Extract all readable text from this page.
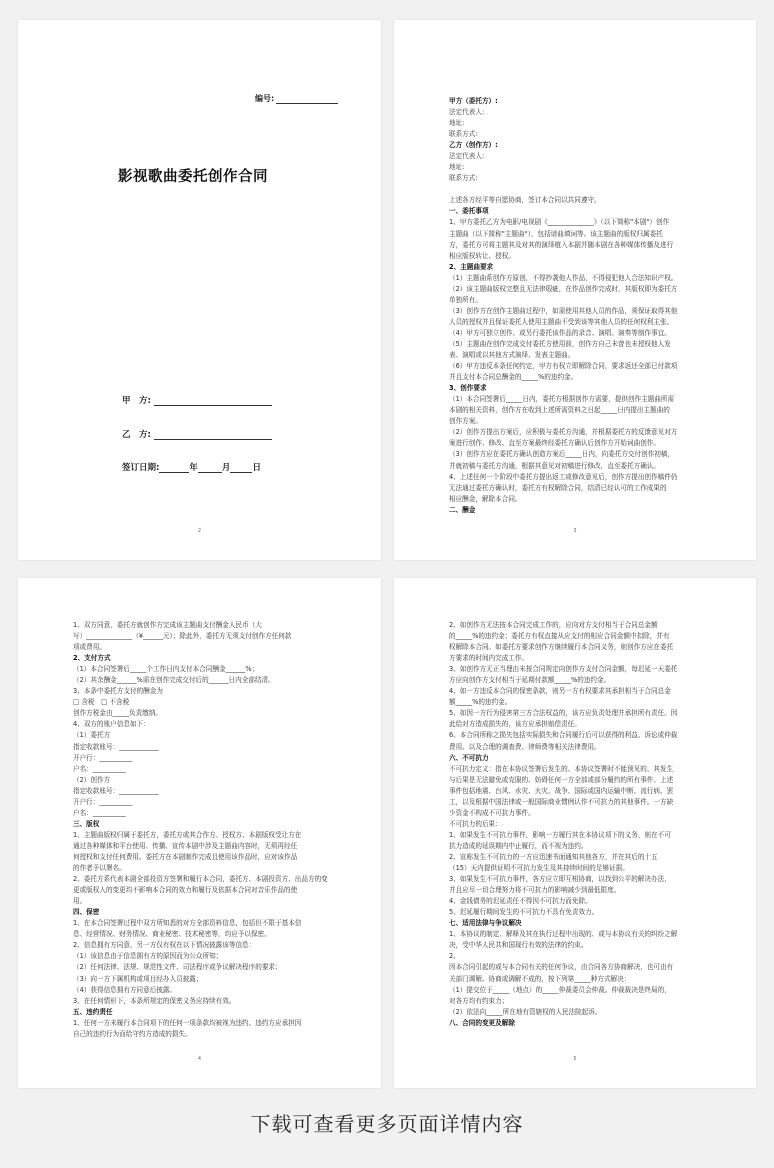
编号:
影视歌曲委托创作合同
甲　方:
乙　方:
签订日期:	年	月	日
2
甲方（委托方）:
法定代表人:
地址:
联系方式:
乙方（创作方）:
法定代表人:
地址:
联系方式:
上述各方经平等自愿协商，签订本合同以共同遵守。
一、委托事项
1、甲方委托乙方为电影/电视剧《______________》（以下简称"本剧"）创作
主题曲（以下简称"主题曲"），包括谱曲填词等。该主题曲的版权归属委托
方，委托方可将主题其及对其的演绎植入本剧并随本剧在各种媒体传播及进行
相应版权转让、授权。
2、主题曲要求
（1）主题曲系创作方原创，不得抄袭他人作品，不得侵犯他人合法知识产权。
（2）该主题曲版权完整且无法律瑕疵，在作品创作完成时，其版权即为委托方
单独所有。
（3）创作方在创作主题曲过程中，如需使用其他人员的作品，须保证取得其他
人员的授权并且保证委托人使用主题曲不受到该等其他人员的任何权利主张。
（4）甲方可独立创作、或另行委托该作品的录音、演唱、演奏等制作事宜。
（5）主题曲在创作完成交付委托方使用前，创作方自己未曾也未授权他人发
表、演唱或以其他方式演绎、发表主题曲。
（6）甲方违反本条任何约定，甲方有权立即解除合同，要求返还全部已付款项
并且支付本合同总酬金的_____%的违约金。
3、创作要求
（1）本合同签署后_____日内，委托方根据创作方需要，提供创作主题曲所需
本剧的相关资料，创作方在收到上述所需资料之日起_____日内提出主题曲的
创作方案。
（2）创作方提出方案后，应积极与委托方沟通，并根据委托方的反馈意见对方
案进行创作、修改、直至方案最终经委托方确认后创作方开始词曲创作。
（3）创作方应在委托方确认创造方案后_____日内，向委托方交付创作初稿，
并就初稿与委托方沟通，根据其意见对初稿进行修改，直至委托方确认。
4、上述任何一个阶段中委托方提出返工或修改意见后，创作方提出创作稿件仍
无法通过委托方确认时，委托方有权解除合同，结清已经认可的工作成果的
相应酬金，解除本合同。
二、酬金
3
1、双方同意，委托方就创作方完成该主题曲支付酬金人民币（大
写）______________（¥______元）；除此外，委托方无须支付创作方任何款
项或费用。
2、支付方式
（1）本合同签署后_____个工作日内支付本合同酬金______%；
（2）其余酬金______%需在创作完成交付后的______日内全部结清。
3、本条中委托方支付的酬金为
□ 含税　□ 不含税
创作方税金由_____负责缴纳。
4、双方的账户信息如下：
（1）委托方
指定收款账号：____________
开户行：__________
户名：__________
（2）创作方
指定收款账号：____________
开户行：__________
户名：__________
三、版权
1、主题曲版权归属于委托方，委托方或其合作方、授权方、本剧版权受让方在
通过各种媒体和平台使用、传播、宣传本剧中涉及主题曲内容时，无须再经任
何授权和支付任何费用。委托方在本剧制作完成且使用该作品时，应对该作品
的作者予以署名。
2、委托方系代表本剧全部投资方签署和履行本合同，委托方、本剧投资方、出品方的变
更或版权人的变更均不影响本合同的效力和履行及依据本合同对音乐作品的使
用。
四、保密
1、在本合同签署过程中双方所知悉的对方全部资料信息，包括但不限于基本信
息、经营情况、财务情况、商业秘密、技术秘密等，均应予以保密。
2、信息拥有方同意，另一方仅有权在以下情况披露该等信息：
（1）该信息由于信息拥有方的原因而为公众所知；
（2）任何法律、法规、规范性文件、司法程序或争议解决程序的要求；
（3）向一方下属机构或项目经办人员披露；
（4）获得信息拥有方同意后披露。
3、在任何情形下，本条所规定的保密义务应持续有效。
五、违约责任
1、任何一方未履行本合同项下的任何一项条款均被视为违约。违约方应承担因
自己的违约行为而给守约方造成的损失。
4
2、如创作方无法按本合同完成工作的，应向对方支付相当于合同总金额
的_____%的违约金；委托方有权直接从应支付的相应合同金额中扣除，并有
权解除本合同。如委托方要求创作方继续履行本合同义务，则创作方应在委托
方要求的时间内完成工作。
3、如创作方无正当理由未按合同规定向创作方支付合同金额，每迟延一天委托
方应向创作方支付相当于延期付款额_____%的违约金。
4、如一方违反本合同的保密条款，则另一方有权要求其承担相当于合同总金
额_____%的违约金。
5、如因一方行为侵害第三方合法权益的，该方应负责处理并承担所有责任。因
此给对方造成损失的，该方应承担赔偿责任。
6、本合同所称之损失包括实际损失和合同履行后可以获得的利益、诉讼或仲裁
费用、以及合理的调查费、律师费等相关法律费用。
六、不可抗力
不可抗力定义：指在本协议签署后发生的、本协议签署时不能预见的、其发生
与后果是无法避免或克服的、妨碍任何一方全部或部分履约的所有事件。上述
事件包括地震、台风、水灾、火灾、战争、国际或国内运输中断、流行病、罢
工，以及根据中国法律或一般国际商业惯例认作不可抗力的其他事件。一方缺
少资金不构成不可抗力事件。
不可抗力的后果：
1、如果发生不可抗力事件，影响一方履行其在本协议项下的义务，则在不可
抗力造成的延误期内中止履行，而不视为违约。
2、宣称发生不可抗力的一方应迅速书面通知其他各方，并在其后的十五
（15）天内提供证明不可抗力发生及其持续时间的足够证据。
3、如果发生不可抗力事件，各方应立即互相协商，以找到公平的解决办法，
并且应尽一切合理努力将不可抗力的影响减少到最低限度。
4、金钱债务的迟延责任不得因不可抗力而免除。
5、迟延履行期间发生的不可抗力不具有免责效力。
七、适用法律与争议解决
1、本协议的制定、解释及其在执行过程中出现的、或与本协议有关的纠纷之解
决，受中华人民共和国现行有效的法律的约束。
2、
因本合同引起的或与本合同有关的任何争议，由合同各方协商解决，也可由有
关部门调解。协商或调解不成的，按下列第_____种方式解决：
（1）提交位于_____（地点）的_____仲裁委员会仲裁。仲裁裁决是终局的，
对各方均有约束力；
（2）依法向_____所在地有管辖权的人民法院起诉。
八、合同的变更及解除
5
下载可查看更多页面详情内容
